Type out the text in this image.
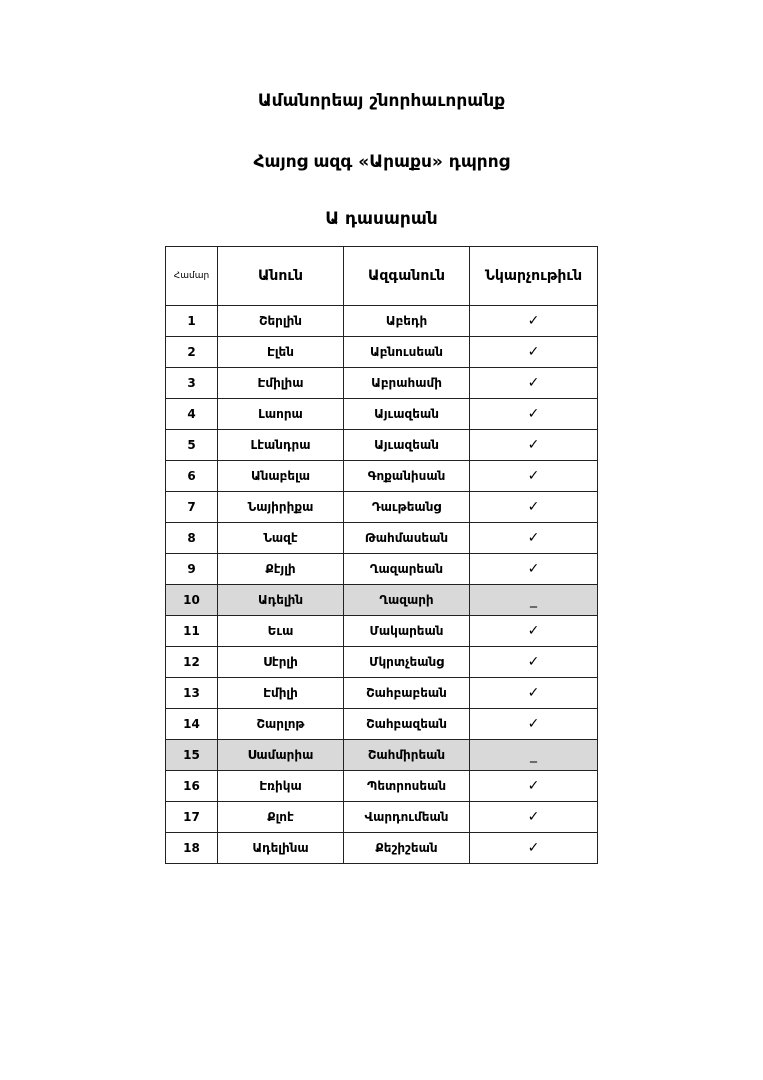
Ամանորեայ շնորհաւորանք
Հայոց ազգ «Արաքս» դպրոց
Ա դասարան
Համար	Անուն	Ազգանուն	Նկարչութիւն
1	Շերլին	Աբեդի	✓
2	Էլեն	Աբնուսեան	✓
3	Էմիլիա	Աբրահամի	✓
4	Լաորա	Այւազեան	✓
5	Լէանդրա	Այւազեան	✓
6	Անաբելա	Գոքանիսան	✓
7	Նայիրիքա	Դաւթեանց	✓
8	Նազէ	Թահմասեան	✓
9	Քէյլի	Ղազարեան	✓
10	Ադելին	Ղազարի	_
11	Եւա	Մակարեան	✓
12	Սէրլի	Մկրտչեանց	✓
13	Էմիլի	Շահբաբեան	✓
14	Շարլոթ	Շահբազեան	✓
15	Սամարիա	Շահմիրեան	_
16	Էռիկա	Պետրոսեան	✓
17	Քլոէ	Վարդումեան	✓
18	Ադելինա	Քեշիշեան	✓
